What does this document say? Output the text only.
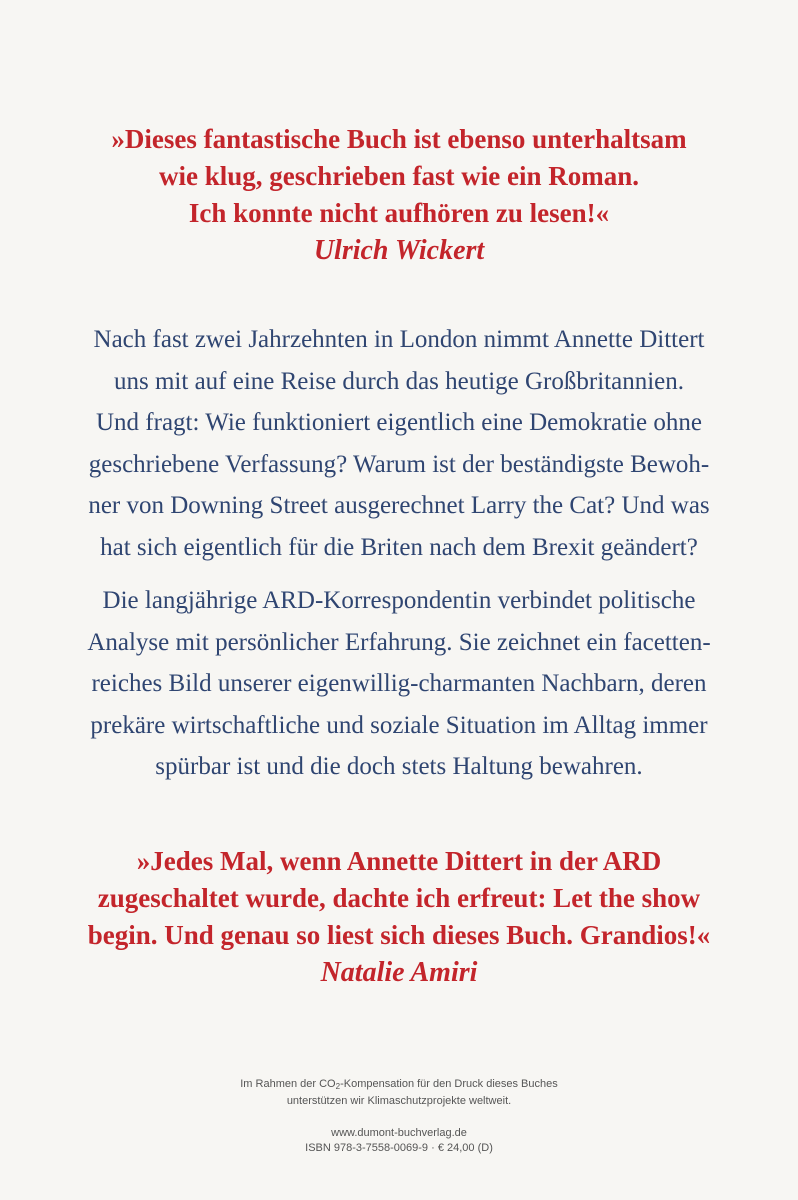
»Dieses fantastische Buch ist ebenso unterhaltsam
wie klug, geschrieben fast wie ein Roman.
Ich konnte nicht aufhören zu lesen!«
Ulrich Wickert
Nach fast zwei Jahrzehnten in London nimmt Annette Dittert
uns mit auf eine Reise durch das heutige Großbritannien.
Und fragt: Wie funktioniert eigentlich eine Demokratie ohne
geschriebene Verfassung? Warum ist der beständigste Bewoh-
ner von Downing Street ausgerechnet Larry the Cat? Und was
hat sich eigentlich für die Briten nach dem Brexit geändert?
Die langjährige ARD-Korrespondentin verbindet politische
Analyse mit persönlicher Erfahrung. Sie zeichnet ein facetten-
reiches Bild unserer eigenwillig-charmanten Nachbarn, deren
prekäre wirtschaftliche und soziale Situation im Alltag immer
spürbar ist und die doch stets Haltung bewahren.
»Jedes Mal, wenn Annette Dittert in der ARD
zugeschaltet wurde, dachte ich erfreut: Let the show
begin. Und genau so liest sich dieses Buch. Grandios!«
Natalie Amiri
Im Rahmen der $CO_2$-Kompensation für den Druck dieses Buches
unterstützen wir Klimaschutzprojekte weltweit.
www.dumont-buchverlag.de
ISBN 978-3-7558-0069-9 · € 24,00 (D)
